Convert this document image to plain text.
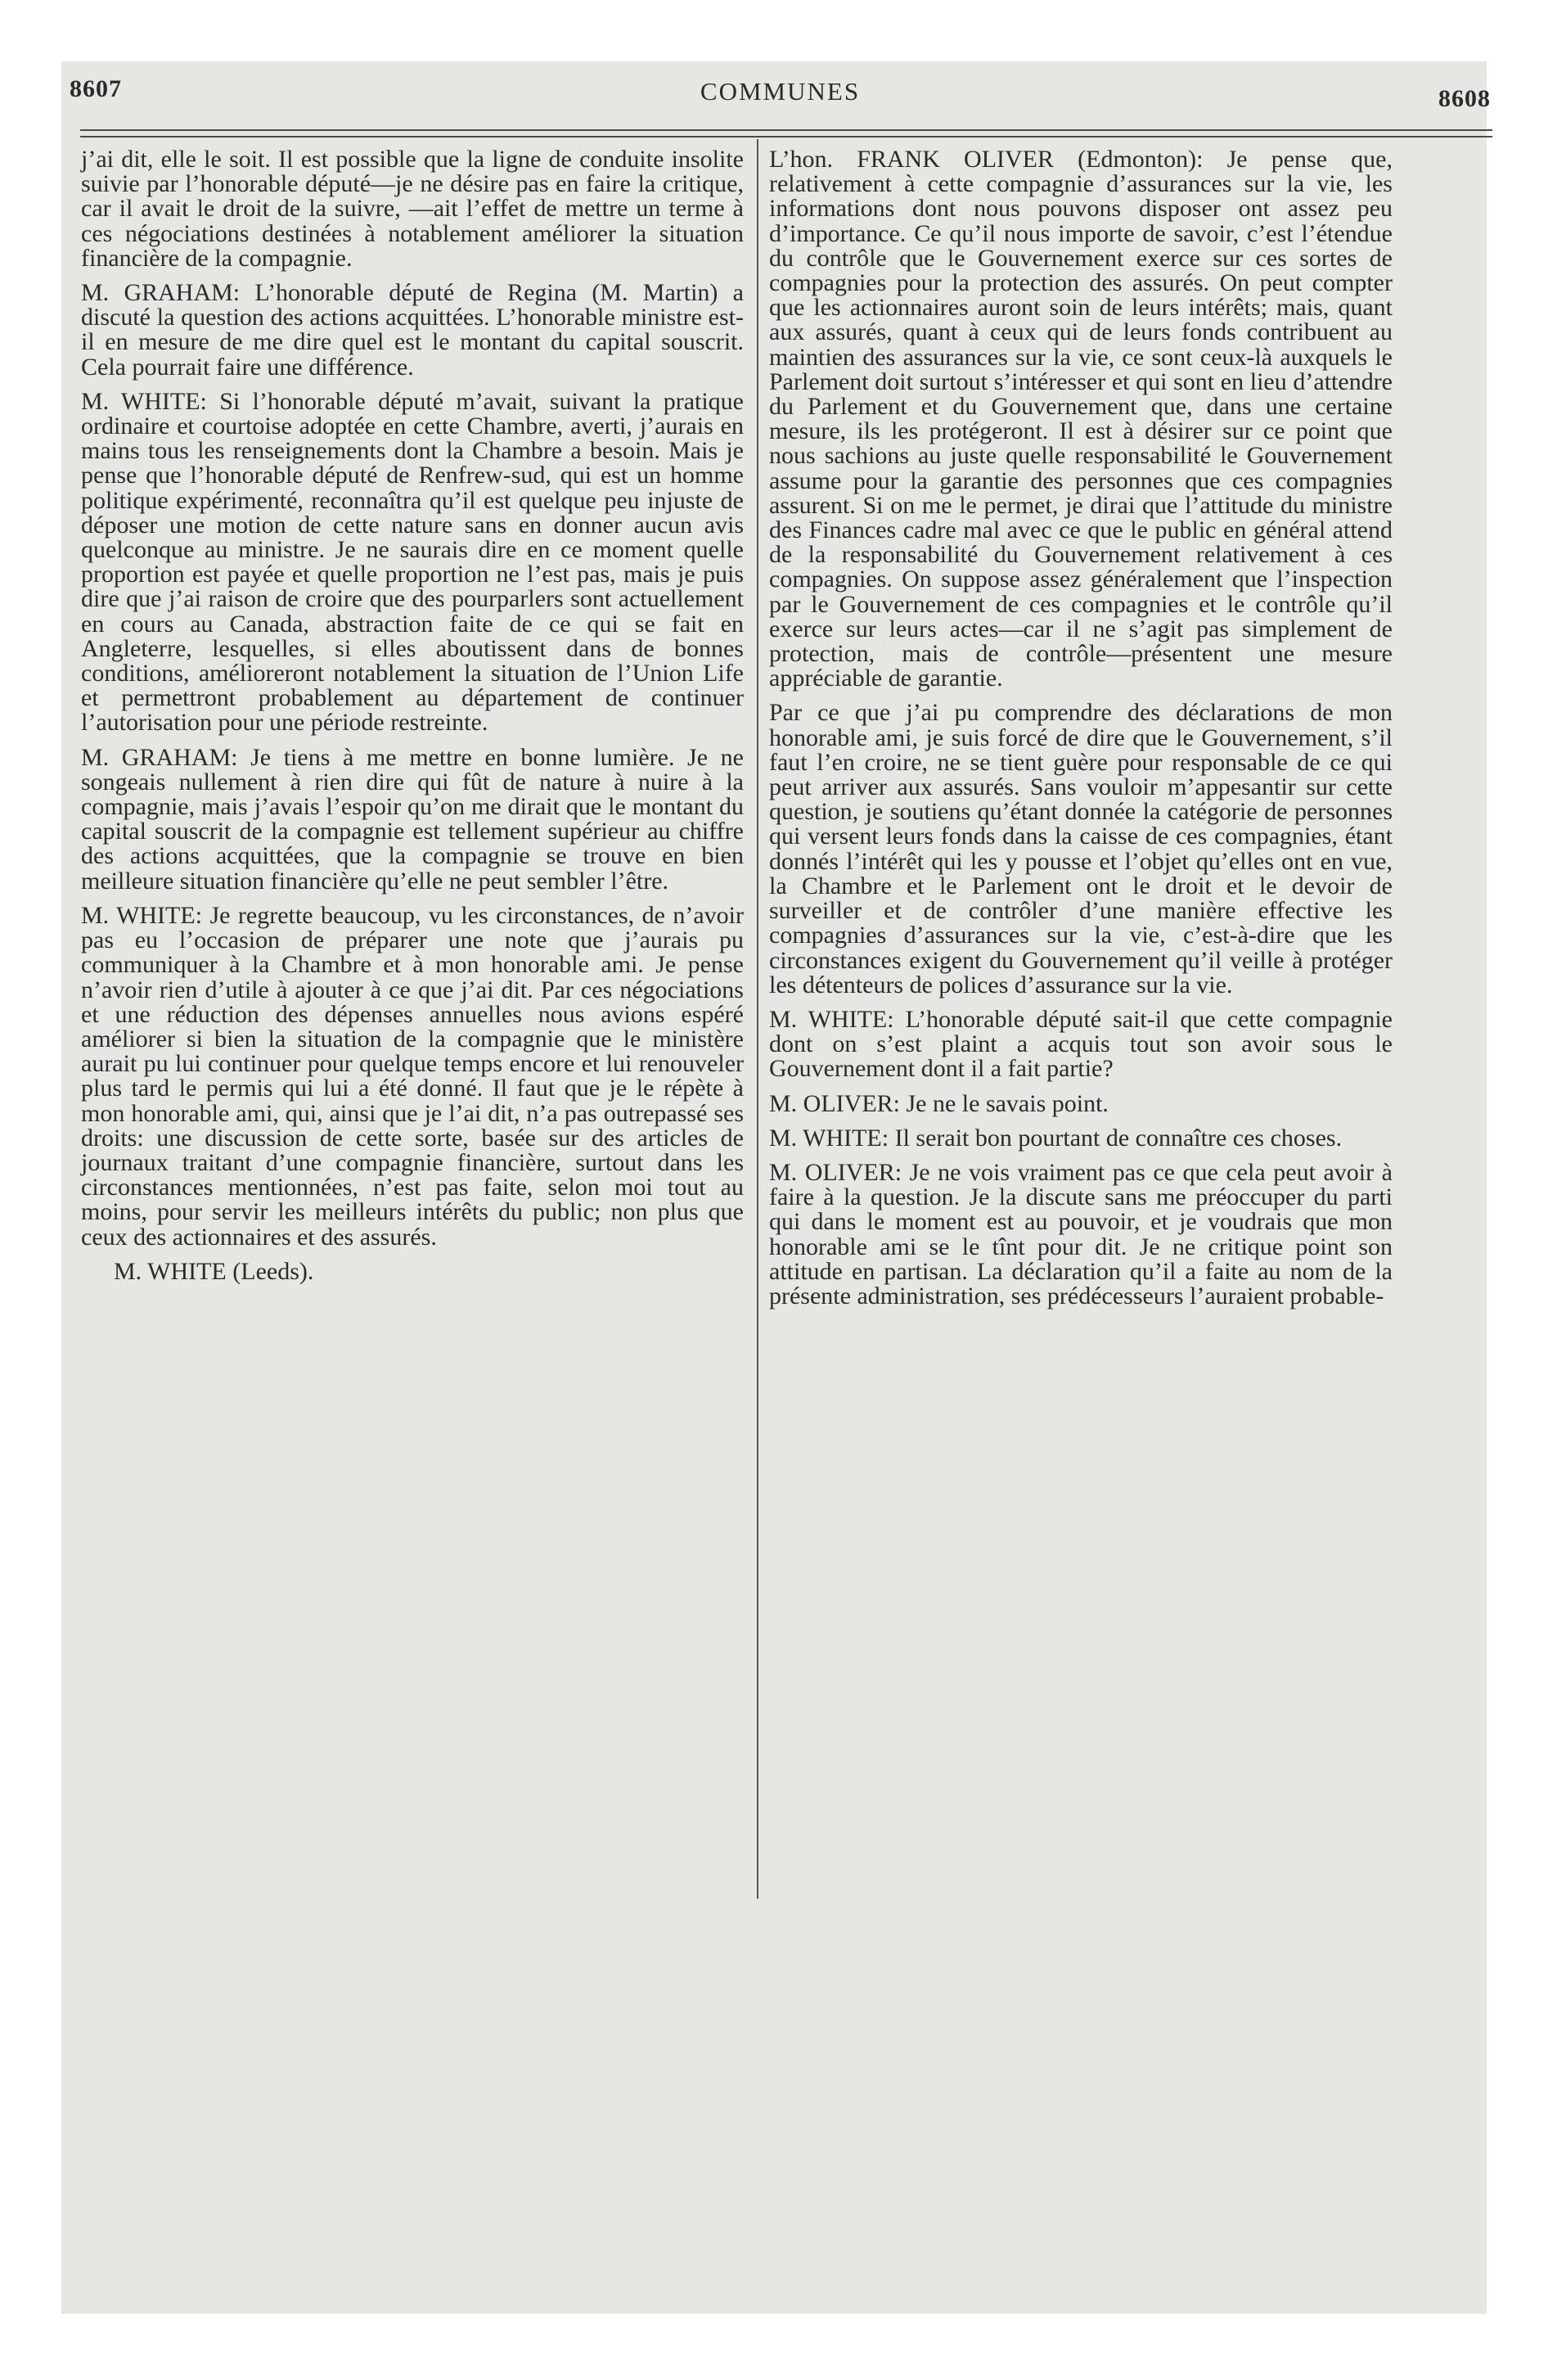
8607	COMMUNES	8608

j’ai dit, elle le soit. Il est possible que la ligne de conduite insolite suivie par l’honorable député—je ne désire pas en faire la critique, car il avait le droit de la suivre, —ait l’effet de mettre un terme à ces négociations destinées à notablement améliorer la situation financière de la compagnie.

M. GRAHAM: L’honorable député de Regina (M. Martin) a discuté la question des actions acquittées. L’honorable ministre est-il en mesure de me dire quel est le montant du capital souscrit. Cela pourrait faire une différence.

M. WHITE: Si l’honorable député m’avait, suivant la pratique ordinaire et courtoise adoptée en cette Chambre, averti, j’aurais en mains tous les renseignements dont la Chambre a besoin. Mais je pense que l’honorable député de Renfrew-sud, qui est un homme politique expérimenté, reconnaîtra qu’il est quelque peu injuste de déposer une motion de cette nature sans en donner aucun avis quelconque au ministre. Je ne saurais dire en ce moment quelle proportion est payée et quelle proportion ne l’est pas, mais je puis dire que j’ai raison de croire que des pourparlers sont actuellement en cours au Canada, abstraction faite de ce qui se fait en Angleterre, lesquelles, si elles aboutissent dans de bonnes conditions, amélioreront notablement la situation de l’Union Life et permettront probablement au département de continuer l’autorisation pour une période restreinte.

M. GRAHAM: Je tiens à me mettre en bonne lumière. Je ne songeais nullement à rien dire qui fût de nature à nuire à la compagnie, mais j’avais l’espoir qu’on me dirait que le montant du capital souscrit de la compagnie est tellement supérieur au chiffre des actions acquittées, que la compagnie se trouve en bien meilleure situation financière qu’elle ne peut sembler l’être.

M. WHITE: Je regrette beaucoup, vu les circonstances, de n’avoir pas eu l’occasion de préparer une note que j’aurais pu communiquer à la Chambre et à mon honorable ami. Je pense n’avoir rien d’utile à ajouter à ce que j’ai dit. Par ces négociations et une réduction des dépenses annuelles nous avions espéré améliorer si bien la situation de la compagnie que le ministère aurait pu lui continuer pour quelque temps encore et lui renouveler plus tard le permis qui lui a été donné. Il faut que je le répète à mon honorable ami, qui, ainsi que je l’ai dit, n’a pas outrepassé ses droits: une discussion de cette sorte, basée sur des articles de journaux traitant d’une compagnie financière, surtout dans les circonstances mentionnées, n’est pas faite, selon moi tout au moins, pour servir les meilleurs intérêts du public; non plus que ceux des actionnaires et des assurés.

M. WHITE (Leeds).

L’hon. FRANK OLIVER (Edmonton): Je pense que, relativement à cette compagnie d’assurances sur la vie, les informations dont nous pouvons disposer ont assez peu d’importance. Ce qu’il nous importe de savoir, c’est l’étendue du contrôle que le Gouvernement exerce sur ces sortes de compagnies pour la protection des assurés. On peut compter que les actionnaires auront soin de leurs intérêts; mais, quant aux assurés, quant à ceux qui de leurs fonds contribuent au maintien des assurances sur la vie, ce sont ceux-là auxquels le Parlement doit surtout s’intéresser et qui sont en lieu d’attendre du Parlement et du Gouvernement que, dans une certaine mesure, ils les protégeront. Il est à désirer sur ce point que nous sachions au juste quelle responsabilité le Gouvernement assume pour la garantie des personnes que ces compagnies assurent. Si on me le permet, je dirai que l’attitude du ministre des Finances cadre mal avec ce que le public en général attend de la responsabilité du Gouvernement relativement à ces compagnies. On suppose assez généralement que l’inspection par le Gouvernement de ces compagnies et le contrôle qu’il exerce sur leurs actes—car il ne s’agit pas simplement de protection, mais de contrôle—présentent une mesure appréciable de garantie.

Par ce que j’ai pu comprendre des déclarations de mon honorable ami, je suis forcé de dire que le Gouvernement, s’il faut l’en croire, ne se tient guère pour responsable de ce qui peut arriver aux assurés. Sans vouloir m’appesantir sur cette question, je soutiens qu’étant donnée la catégorie de personnes qui versent leurs fonds dans la caisse de ces compagnies, étant donnés l’intérêt qui les y pousse et l’objet qu’elles ont en vue, la Chambre et le Parlement ont le droit et le devoir de surveiller et de contrôler d’une manière effective les compagnies d’assurances sur la vie, c’est-à-dire que les circonstances exigent du Gouvernement qu’il veille à protéger les détenteurs de polices d’assurance sur la vie.

M. WHITE: L’honorable député sait-il que cette compagnie dont on s’est plaint a acquis tout son avoir sous le Gouvernement dont il a fait partie?

M. OLIVER: Je ne le savais point.

M. WHITE: Il serait bon pourtant de connaître ces choses.

M. OLIVER: Je ne vois vraiment pas ce que cela peut avoir à faire à la question. Je la discute sans me préoccuper du parti qui dans le moment est au pouvoir, et je voudrais que mon honorable ami se le tînt pour dit. Je ne critique point son attitude en partisan. La déclaration qu’il a faite au nom de la présente administration, ses prédécesseurs l’auraient probable-
